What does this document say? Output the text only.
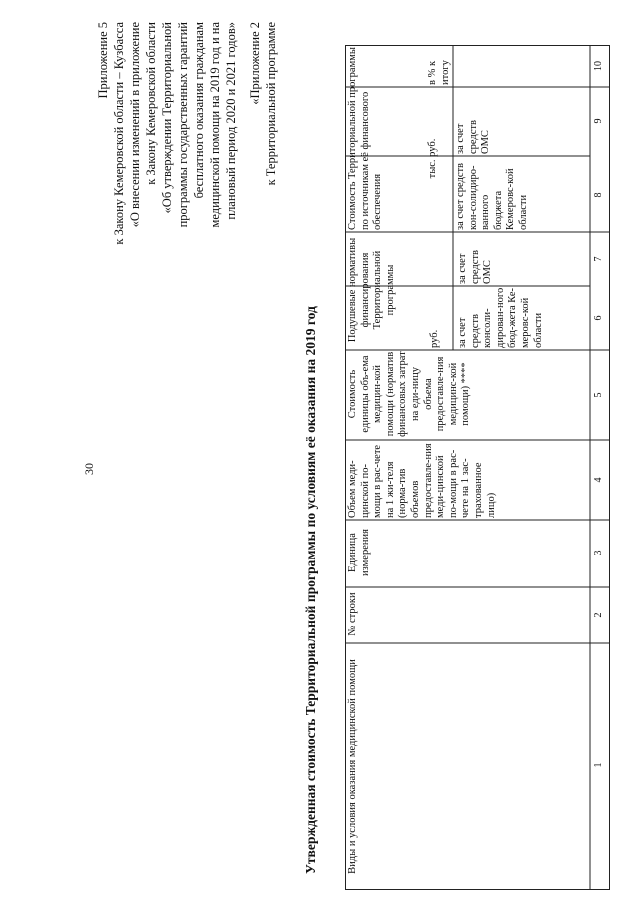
30
Приложение 5 к Закону Кемеровской области – Кузбасса «О внесении изменений в приложение к Закону Кемеровской области «Об утверждении Территориальной программы государственных гарантий бесплатного оказания гражданам медицинской помощи на 2019 год и на плановый период 2020 и 2021 годов» «Приложение 2 к Территориальной программе
Утвержденная стоимость Территориальной программы по условиям её оказания на 2019 год	Виды и условия оказания медицинской помощи
№ строки
Единица измерения
Объем меди-цинской по-мощи в рас-чете на 1 жи-теля (норма-тив объемов предоставле-ния меди-цинской по-мощи в рас-чете на 1 зас-трахованное лицо)
Стоимость единицы объ-ема медицин-кой помощи (норматив финансовых затрат на еди-ницу объема предоставле-ния медицинс-кой помощи) ****
Подушевые нормативы финансирования Территориальной программы
руб.	за счет средств консоли-дирован-ного бюд-жета Ке-меровс-кой области
за счет средств ОМС
Стоимость Территориальной программы по источникам её финансового обеспечения
тыс. руб.
в % к итогу
за счет средств кон-солидиро-ванного бюджета Кемеровс-кой области
за счет средств ОМС
1
2
3
4
5
6
7
8
9
10
